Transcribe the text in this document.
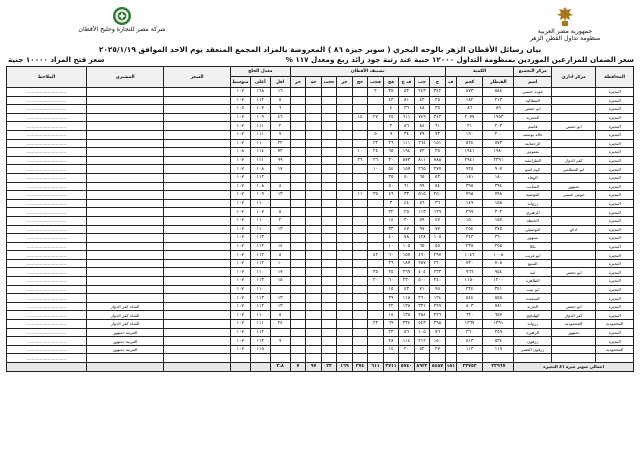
شركة مصر للتجارة وحليج الأقطان	جمهورية مصر العربية
منظومة تداول القطن الزهر
بيان رسائل الأقطان الزهر بالوجه البحري ( سوبر جيزة ٨٦ ) المعروضة بالمزاد المجمع المنعقد يوم الاحد الموافق ٢٠٢٥/١/١٩
سعر الضمان للمزارعين الموردين بمنظومة التداول ١٢٠٠٠ جنية عند رتبة جود زائد ربع ومعدل ١١٧ %
سعر فتح المزاد ١٠٠٠٠ جنية
المحافظة	مركز اداري	مركز التجميع	الكمية			تصنيف الأقطان										معدل الحلج			السعر	المشتري	الملاحظ
		اسم	القنطار	كجم	ف	ج	جب	ف ج	فج	فجب	جج	جر	ججب	جه	جز	اقل	أعلى	متوسط			
البحيرة		جودة حسني	٥٨٤	٥٧٣		٣٤٢	٢٤٣	٥٣	٣٥	٢						١٦	١٦٨	١٠٧			..............................
البحيرة		المطاليه	٢١٣	١٨٢		٢٥	٤٣	٨١	٤٣							٥	١١٢	١٠٧			..............................
البحيرة		ابو حمص	٨٩	٨٦		٣٥	٤٨	٣٦	٤							٦	١٠٧	١٠٥			..............................
البحيرة		العجزيه	١٩٥٣	٢٠٧٧		٣٤٣	٧٤٩	٦١١	٢٥	٢٧	١٤					٤٦	١٠٩	١٠٧			..............................
البحيرة	ابو حمص	قاسم	٢٠٣	٢١		٦١	٨٤	٥٦	٢							٢	١١١	١٠٧			..............................
البحيرة		خالد يوسف	٢٠٠	١٩٠		٧٣	٧٩	٣٤	٩	٥						٧	١١١	١٠٧			..............................
البحيرة		الرحمانيه	٥٧٣	٥٢٤		١٥١	٢٦٤	١١١	٢٦	٢٢						٢٢	١١٠	١٠٧			..............................
البحيرة		يفقوس	١٩٨٠	١٩٤١		٣٥	٧٣	١٩٤	٦٥	٢٤	١٠					٧٣	١١٤	١٠٨			..............................
البحيرة	كفر الدوار	الطرابشه	٢٣٩١	٢٩٤١		٧٨٨	٨١١	٥٧٣	٣٠	٢٦	٢٦					٩٩	١١١	١٠٧			..............................
البحيرة	ابو المطامير	كوم اشو	٩٠٧	٩٢٥		٢٧٧	٢٦٥	١٥٧	٥٤	١٠						١٧	١٠٨	١٠٧			..............................
البحيرة		الوفاء	١٨٠	١٨١		٥٣	٦٥	٥٠	٣٥								١١٢	١٠٧			..............................
البحيرة	دمنهور	السايب	٣٩٤	٣٩٥		٥٤	٩٩	٦١	٥٠							٨	١٠٨	١٠٧			..............................
البحيرة	حوش عيسى	العوضيه	٧٩٨	٧٩٨		٢٥٠	٥١٥	٣٣	٤٦	٣٥	١١					١٣	١٠٩	١٠٧			..............................
البحيرة		زروانه	١٥٨	١٤٩		٣٦	٥٦	٤٤	٣								١١٠	١٠٧			..............................
البحيرة		الزهيري	٣٠٢	٢٩٩		١٣٩	١١٣	٢٥	٢٢							٥	١٠٧	١٠٧			..............................
البحيرة		الحيطه	١٥٧	١٥٠		٤٧	٥٩	٣٠	١٤							٢	١١٠	١٠٧			..............................
البحيرة	ادكو	البوصيلي	٢٧٥	٢٥٤		٧٧	٩٧	٤٧	٣٣							١٣	١١٠	١٠٧			..............................
البحيرة		سنهور	٣٦٠	٣٤٣		١٠٥	١٢٨	٧٨	٤٠								١١٣	١٠٧			..............................
البحيرة		نكلا	٢٥٥	٢٣٥		٥٥	٦٥	١٠٥	١٠							١٤	١١٢	١٠٧			..............................
البحيرة		ابو غريب	١٠٠٨	١٠٤٦		٢٩٧	٤٩٠	١٥٧	٦٠	٤٢						٨	١١٢	١٠٧			..............................
البحيرة		السبع	٧٠٨	٧٣٠		٢٢٠	٢٨٧	١٨٧	٣٦							١٠	١١٢	١٠٧			..............................
البحيرة	ابو حمص	عيد	٩٥٤	٩٦٦		٢٣٣	٤٠٤	٢٦٩	٢٥	٣٥						١٧	١١٠	١٠٧			..............................
البحيرة		الطاهرة	١٢٠٠	١١٥٠		٣٤٠	٥٠٠	٢٣٠	٦٠	٢٠						١٥	١١٣	١٠٧			..............................
البحيرة		ابو نبيت	٣٤١	٢٢٤		٩٥	٧١	٤٣	١٥								١١٠	١٠٧			..............................
البحيرة		السعيده	٥٥٥	٥٤٤		١٢٤	٢٦٠	١١٨	٣٩							١٣	١١٣	١٠٧			..............................
البحيرة	ابو حمص	الحريه	٧٨١	٨٠٣		٢٩٩	٣٣١	١٣٨	٢٢							١٣	١١٢	١٠٧		الشاه كفر الدوار	..............................
البحيرة	كفر الدوار	الهلباوي	٦٥٧	٦٣٠		٢٢٦	٢٥٤	١٣٥	١٥							٥	١١٠	١٠٧		الشاه كفر الدوار	..............................
المحمودية	المحمودية	زروانه	١٣٩١	١٣٦٧		٣٩٨	٥٤٣	٣٣٤	٦٩	٢٣						٢٤	١١١	١٠٧		الشاه كفر الدوار	..............................
البحيرة	دمنهور	الزهيرة	٢٥٩	٢٦٠		٧٦	١٠٥	٥٦	٢٣								١١٢	١٠٧		العربية دمنهور	..............................
البحيرة		زرقون	٥٣٤	٥١٣		١٥٠	٢١٢	١١٤	٢٨							٩	١١٢	١٠٧		العربية دمنهور	..............................
المحمودية		زرقون القصر	١١٩	١١٣		٢٧	٥٢	٢٠	١٤								١١٥	١٠٧		العربية دمنهور	..............................
																					..............................
اجمالي سوبر جيزة ٨٦ البحيرة			٢٣٩٦٧	٢٣٧٥٣	١٥١	٥٤٨٧	٨٩٢٢	٥٧٤٠	٢٧١١	٦١١	٣٧٤	١٦٩	٣٣	٩٧	٧	٣.٨					
